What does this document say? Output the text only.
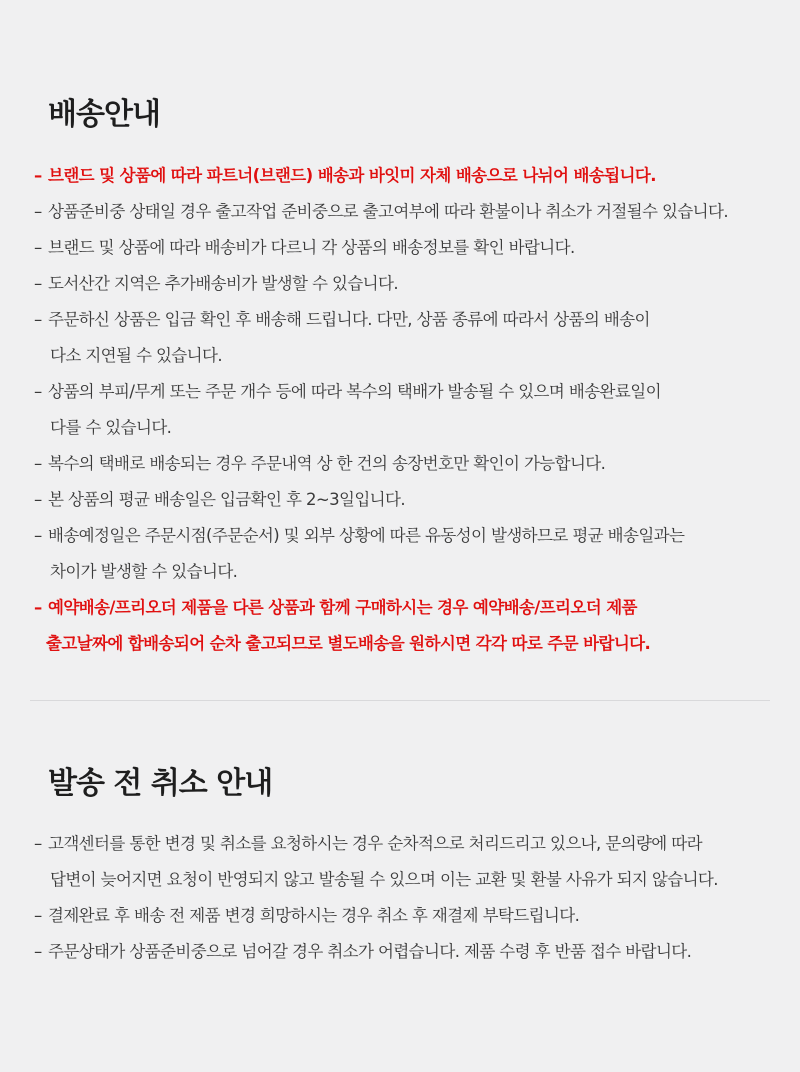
배송안내
– 브랜드 및 상품에 따라 파트너(브랜드) 배송과 바잇미 자체 배송으로 나뉘어 배송됩니다.
– 상품준비중 상태일 경우 출고작업 준비중으로 출고여부에 따라 환불이나 취소가 거절될수 있습니다.
– 브랜드 및 상품에 따라 배송비가 다르니 각 상품의 배송정보를 확인 바랍니다.
– 도서산간 지역은 추가배송비가 발생할 수 있습니다.
– 주문하신 상품은 입금 확인 후 배송해 드립니다. 다만, 상품 종류에 따라서 상품의 배송이
다소 지연될 수 있습니다.
– 상품의 부피/무게 또는 주문 개수 등에 따라 복수의 택배가 발송될 수 있으며 배송완료일이
다를 수 있습니다.
– 복수의 택배로 배송되는 경우 주문내역 상 한 건의 송장번호만 확인이 가능합니다.
– 본 상품의 평균 배송일은 입금확인 후 2~3일입니다.
– 배송예정일은 주문시점(주문순서) 및 외부 상황에 따른 유동성이 발생하므로 평균 배송일과는
차이가 발생할 수 있습니다.
– 예약배송/프리오더 제품을 다른 상품과 함께 구매하시는 경우 예약배송/프리오더 제품
출고날짜에 합배송되어 순차 출고되므로 별도배송을 원하시면 각각 따로 주문 바랍니다.
발송 전 취소 안내
– 고객센터를 통한 변경 및 취소를 요청하시는 경우 순차적으로 처리드리고 있으나, 문의량에 따라
답변이 늦어지면 요청이 반영되지 않고 발송될 수 있으며 이는 교환 및 환불 사유가 되지 않습니다.
– 결제완료 후 배송 전 제품 변경 희망하시는 경우 취소 후 재결제 부탁드립니다.
– 주문상태가 상품준비중으로 넘어갈 경우 취소가 어렵습니다. 제품 수령 후 반품 접수 바랍니다.
